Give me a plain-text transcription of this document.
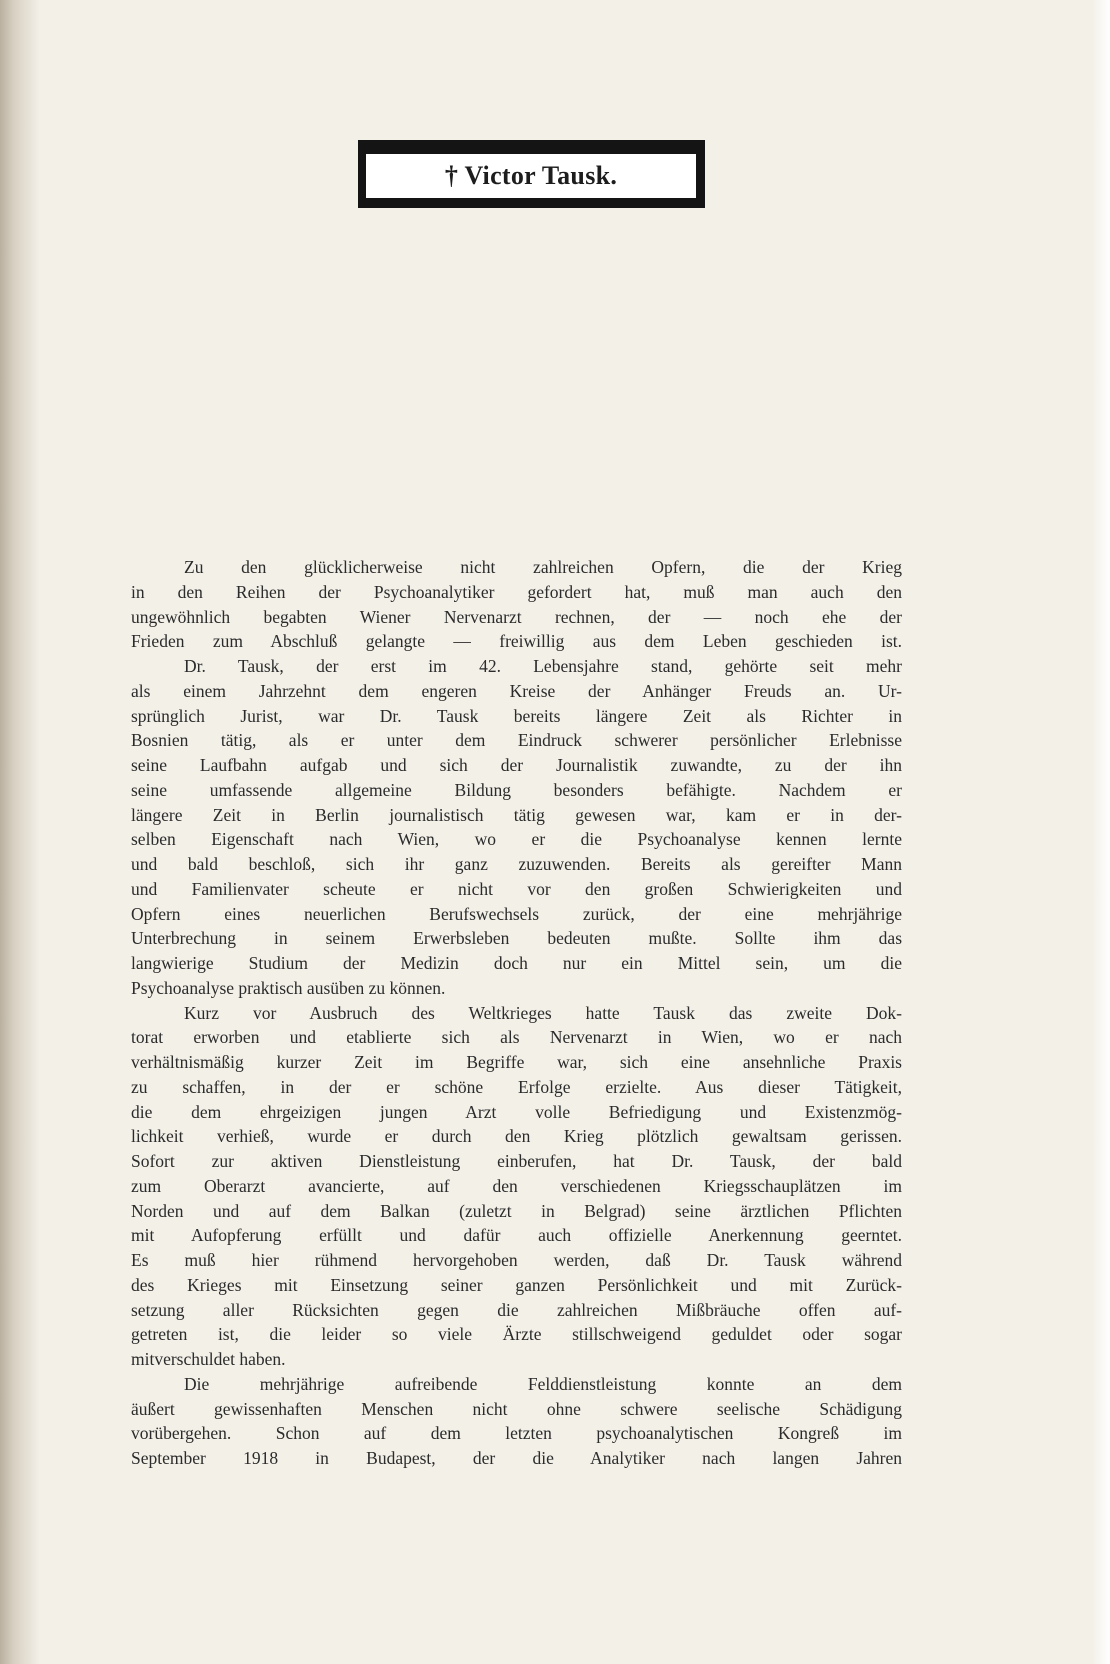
† Victor Tausk.
Zu den glücklicherweise nicht zahlreichen Opfern, die der Krieg
in den Reihen der Psychoanalytiker gefordert hat, muß man auch den
ungewöhnlich begabten Wiener Nervenarzt rechnen, der — noch ehe der
Frieden zum Abschluß gelangte — freiwillig aus dem Leben geschieden ist.
Dr. Tausk, der erst im 42. Lebensjahre stand, gehörte seit mehr
als einem Jahrzehnt dem engeren Kreise der Anhänger Freuds an. Ur-
sprünglich Jurist, war Dr. Tausk bereits längere Zeit als Richter in
Bosnien tätig, als er unter dem Eindruck schwerer persönlicher Erlebnisse
seine Laufbahn aufgab und sich der Journalistik zuwandte, zu der ihn
seine umfassende allgemeine Bildung besonders befähigte. Nachdem er
längere Zeit in Berlin journalistisch tätig gewesen war, kam er in der-
selben Eigenschaft nach Wien, wo er die Psychoanalyse kennen lernte
und bald beschloß, sich ihr ganz zuzuwenden. Bereits als gereifter Mann
und Familienvater scheute er nicht vor den großen Schwierigkeiten und
Opfern eines neuerlichen Berufswechsels zurück, der eine mehrjährige
Unterbrechung in seinem Erwerbsleben bedeuten mußte. Sollte ihm das
langwierige Studium der Medizin doch nur ein Mittel sein, um die
Psychoanalyse praktisch ausüben zu können.
Kurz vor Ausbruch des Weltkrieges hatte Tausk das zweite Dok-
torat erworben und etablierte sich als Nervenarzt in Wien, wo er nach
verhältnismäßig kurzer Zeit im Begriffe war, sich eine ansehnliche Praxis
zu schaffen, in der er schöne Erfolge erzielte. Aus dieser Tätigkeit,
die dem ehrgeizigen jungen Arzt volle Befriedigung und Existenzmög-
lichkeit verhieß, wurde er durch den Krieg plötzlich gewaltsam gerissen.
Sofort zur aktiven Dienstleistung einberufen, hat Dr. Tausk, der bald
zum Oberarzt avancierte, auf den verschiedenen Kriegsschauplätzen im
Norden und auf dem Balkan (zuletzt in Belgrad) seine ärztlichen Pflichten
mit Aufopferung erfüllt und dafür auch offizielle Anerkennung geerntet.
Es muß hier rühmend hervorgehoben werden, daß Dr. Tausk während
des Krieges mit Einsetzung seiner ganzen Persönlichkeit und mit Zurück-
setzung aller Rücksichten gegen die zahlreichen Mißbräuche offen auf-
getreten ist, die leider so viele Ärzte stillschweigend geduldet oder sogar
mitverschuldet haben.
Die mehrjährige aufreibende Felddienstleistung konnte an dem
äußert gewissenhaften Menschen nicht ohne schwere seelische Schädigung
vorübergehen. Schon auf dem letzten psychoanalytischen Kongreß im
September 1918 in Budapest, der die Analytiker nach langen Jahren
